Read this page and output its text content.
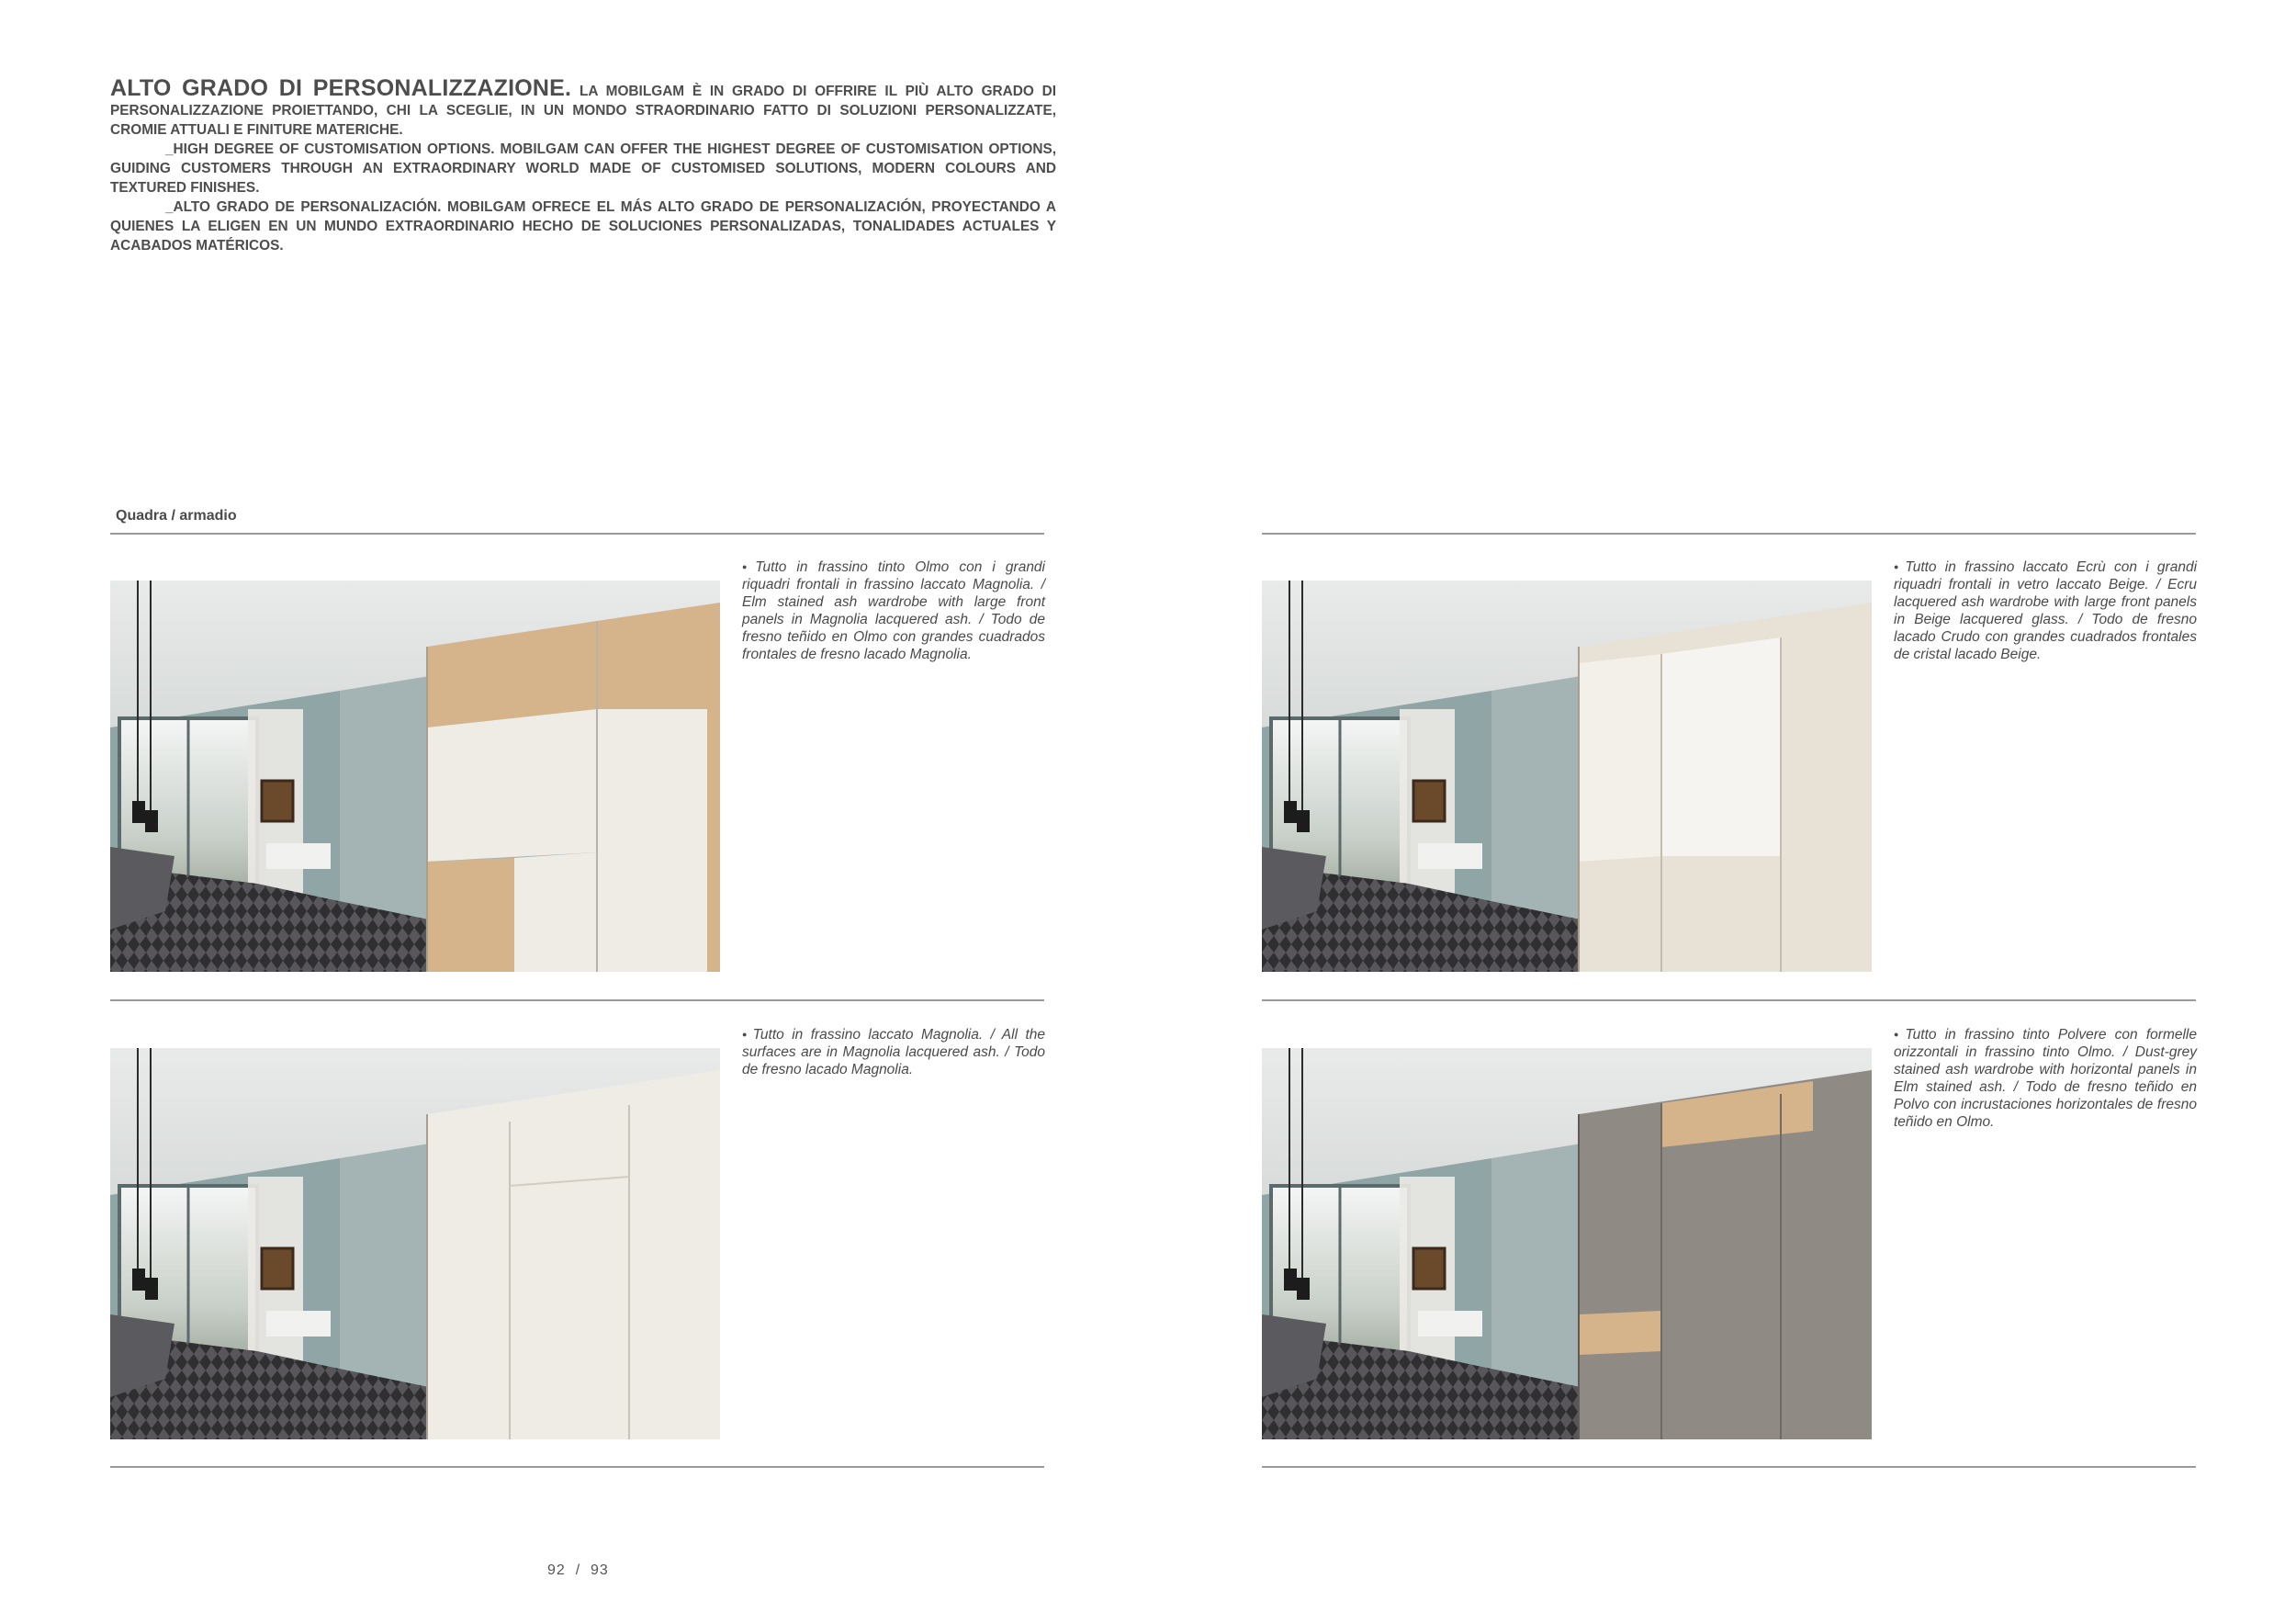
ALTO GRADO DI PERSONALIZZAZIONE. LA MOBILGAM È IN GRADO DI OFFRIRE IL PIÙ ALTO GRADO DI PERSONALIZZAZIONE PROIETTANDO, CHI LA SCEGLIE, IN UN MONDO STRAORDINARIO FATTO DI SOLUZIONI PERSONALIZZATE, CROMIE ATTUALI E FINITURE MATERICHE.

_HIGH DEGREE OF CUSTOMISATION OPTIONS. MOBILGAM CAN OFFER THE HIGHEST DEGREE OF CUSTOMISATION OPTIONS, GUIDING CUSTOMERS THROUGH AN EXTRAORDINARY WORLD MADE OF CUSTOMISED SOLUTIONS, MODERN COLOURS AND TEXTURED FINISHES.

_ALTO GRADO DE PERSONALIZACIÓN. MOBILGAM OFRECE EL MÁS ALTO GRADO DE PERSONALIZACIÓN, PROYECTANDO A QUIENES LA ELIGEN EN UN MUNDO EXTRAORDINARIO HECHO DE SOLUCIONES PERSONALIZADAS, TONALIDADES ACTUALES Y ACABADOS MATÉRICOS.

Quadra / armadio
● Tutto in frassino tinto Olmo con i grandi riquadri frontali in frassino laccato Magnolia. / Elm stained ash wardrobe with large front panels in Magnolia lacquered ash. / Todo de fresno teñido en Olmo con grandes cuadrados frontales de fresno lacado Magnolia.
● Tutto in frassino laccato Ecrù con i grandi riquadri frontali in vetro laccato Beige. / Ecru lacquered ash wardrobe with large front panels in Beige lacquered glass. / Todo de fresno lacado Crudo con grandes cuadrados frontales de cristal lacado Beige.
● Tutto in frassino laccato Magnolia. / All the surfaces are in Magnolia lacquered ash. / Todo de fresno lacado Magnolia.
● Tutto in frassino tinto Polvere con formelle orizzontali in frassino tinto Olmo. / Dust-grey stained ash wardrobe with horizontal panels in Elm stained ash. / Todo de fresno teñido en Polvo con incrustaciones horizontales de fresno teñido en Olmo.
92  /  93
